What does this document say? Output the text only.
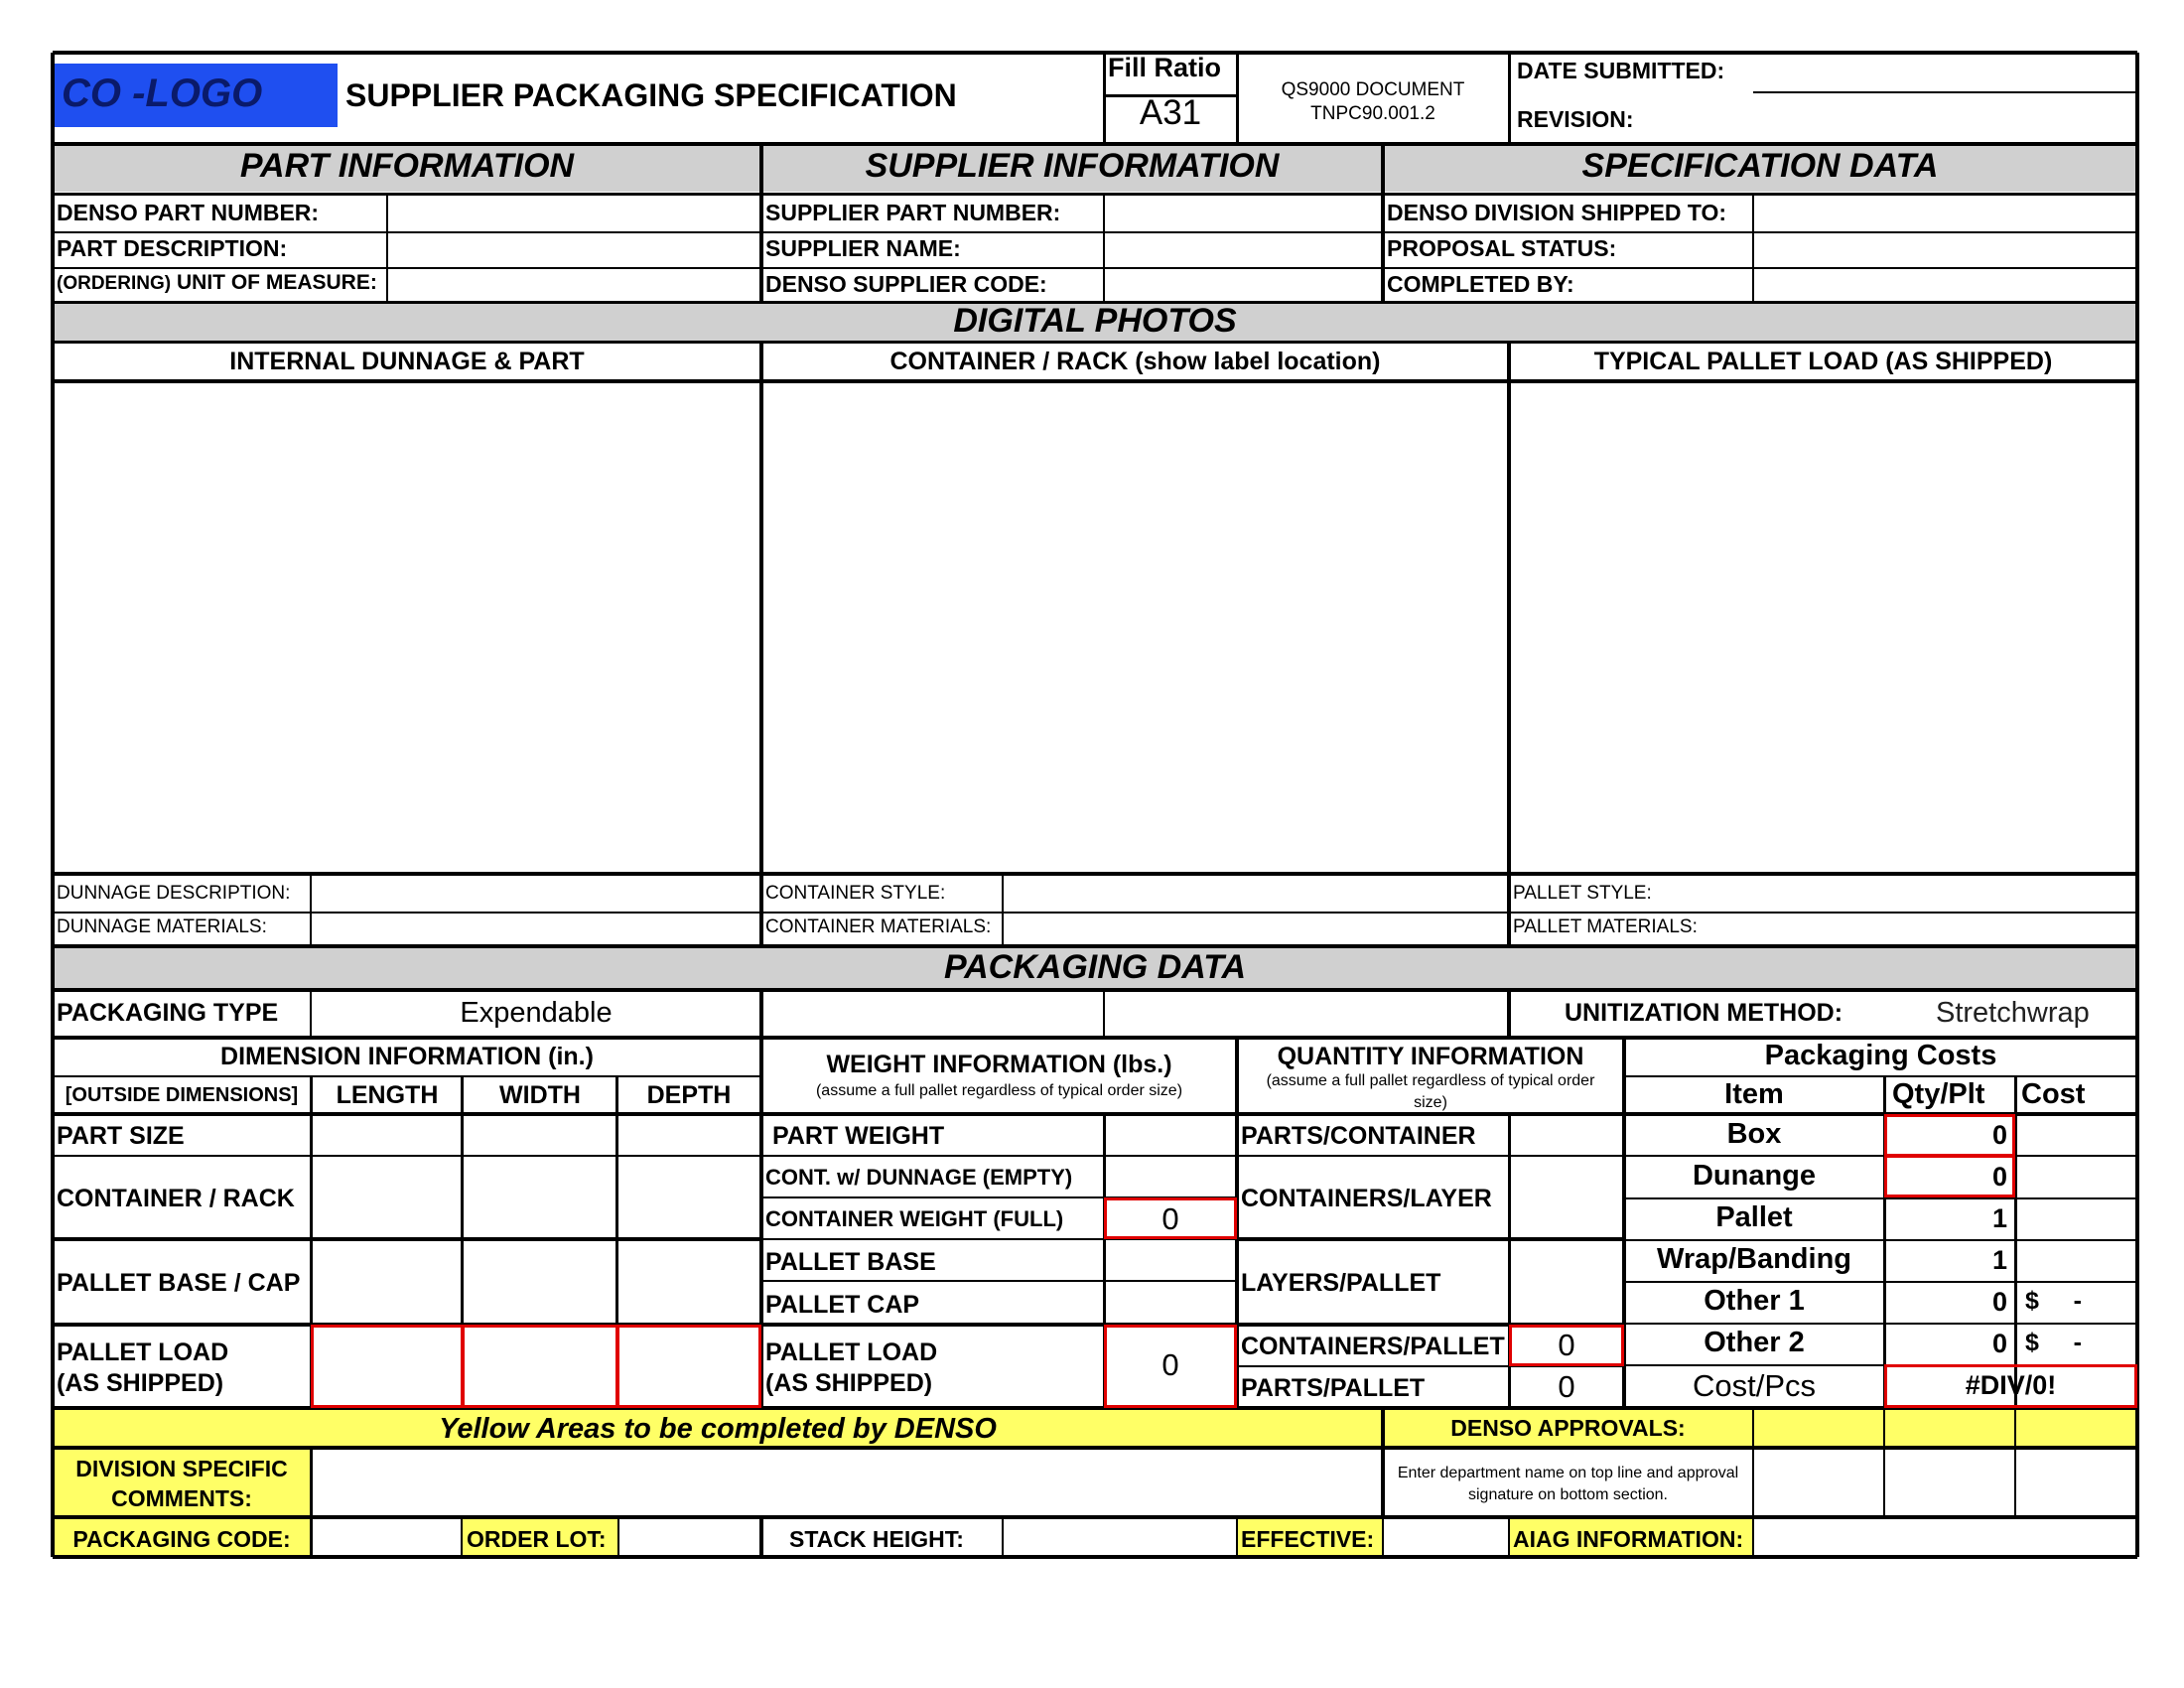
CO -LOGO	SUPPLIER PACKAGING SPECIFICATION
Fill Ratio
A31
QS9000 DOCUMENT
TNPC90.001.2
DATE SUBMITTED:
REVISION:
PART INFORMATION	SUPPLIER INFORMATION	SPECIFICATION DATA
DENSO PART NUMBER:
PART DESCRIPTION:
(ORDERING) UNIT OF MEASURE:
SUPPLIER PART NUMBER:
SUPPLIER NAME:
DENSO SUPPLIER CODE:
DENSO DIVISION SHIPPED TO:
PROPOSAL STATUS:
COMPLETED BY:
DIGITAL PHOTOS
INTERNAL DUNNAGE & PART	CONTAINER / RACK (show label location)	TYPICAL PALLET LOAD (AS SHIPPED)
DUNNAGE DESCRIPTION:
DUNNAGE MATERIALS:
CONTAINER STYLE:
CONTAINER MATERIALS:
PALLET STYLE:
PALLET MATERIALS:
PACKAGING DATA
PACKAGING TYPE	Expendable	UNITIZATION METHOD:	Stretchwrap
DIMENSION INFORMATION (in.)
[OUTSIDE DIMENSIONS]	LENGTH	WIDTH	DEPTH
PART SIZE
CONTAINER / RACK
PALLET BASE / CAP
PALLET LOAD
(AS SHIPPED)
WEIGHT INFORMATION (lbs.)
(assume a full pallet regardless of typical order size)
PART WEIGHT
CONT. w/ DUNNAGE (EMPTY)
CONTAINER WEIGHT (FULL)	0
PALLET BASE
PALLET CAP
PALLET LOAD
(AS SHIPPED)
0
QUANTITY INFORMATION
(assume a full pallet regardless of typical order
size)
PARTS/CONTAINER
CONTAINERS/LAYER
LAYERS/PALLET
CONTAINERS/PALLET	0
PARTS/PALLET	0
Packaging Costs
Item	Qty/Plt Cost
Box	0
Dunange	0
Pallet	1
Wrap/Banding	1
Other 1	0 $     -
Other 2	0 $     -
Cost/Pcs	#DIV/0!
Yellow Areas to be completed by DENSO	DENSO APPROVALS:
DIVISION SPECIFIC
COMMENTS:
Enter department name on top line and approval
signature on bottom section.
PACKAGING CODE:	ORDER LOT:	STACK HEIGHT:	EFFECTIVE:	AIAG INFORMATION:
